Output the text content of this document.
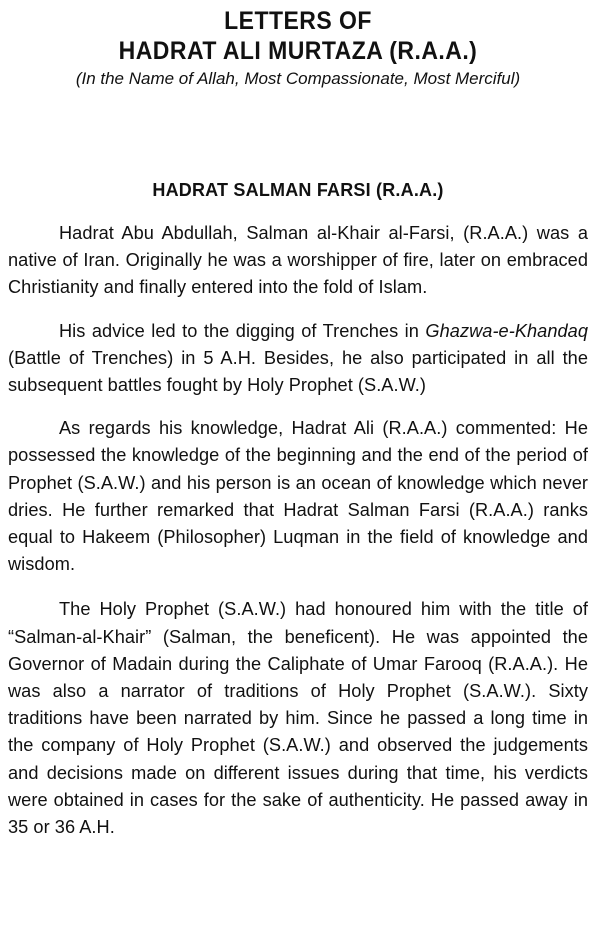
LETTERS OF
HADRAT ALI MURTAZA (R.A.A.)
(In the Name of Allah, Most Compassionate, Most Merciful)
HADRAT SALMAN FARSI (R.A.A.)

Hadrat Abu Abdullah, Salman al-Khair al-Farsi, (R.A.A.) was a native of Iran. Originally he was a worshipper of fire, later on embraced Christianity and finally entered into the fold of Islam.

His advice led to the digging of Trenches in Ghazwa-e-Khandaq (Battle of Trenches) in 5 A.H. Besides, he also participated in all the subsequent battles fought by Holy Prophet (S.A.W.)

As regards his knowledge, Hadrat Ali (R.A.A.) commented: He possessed the knowledge of the beginning and the end of the period of Prophet (S.A.W.) and his person is an ocean of knowledge which never dries. He further remarked that Hadrat Salman Farsi (R.A.A.) ranks equal to Hakeem (Philosopher) Luqman in the field of knowledge and wisdom.

The Holy Prophet (S.A.W.) had honoured him with the title of “Salman-al-Khair” (Salman, the beneficent). He was appointed the Governor of Madain during the Caliphate of Umar Farooq (R.A.A.). He was also a narrator of traditions of Holy Prophet (S.A.W.). Sixty traditions have been narrated by him. Since he passed a long time in the company of Holy Prophet (S.A.W.) and observed the judgements and decisions made on different issues during that time, his verdicts were obtained in cases for the sake of authenticity. He passed away in 35 or 36 A.H.
